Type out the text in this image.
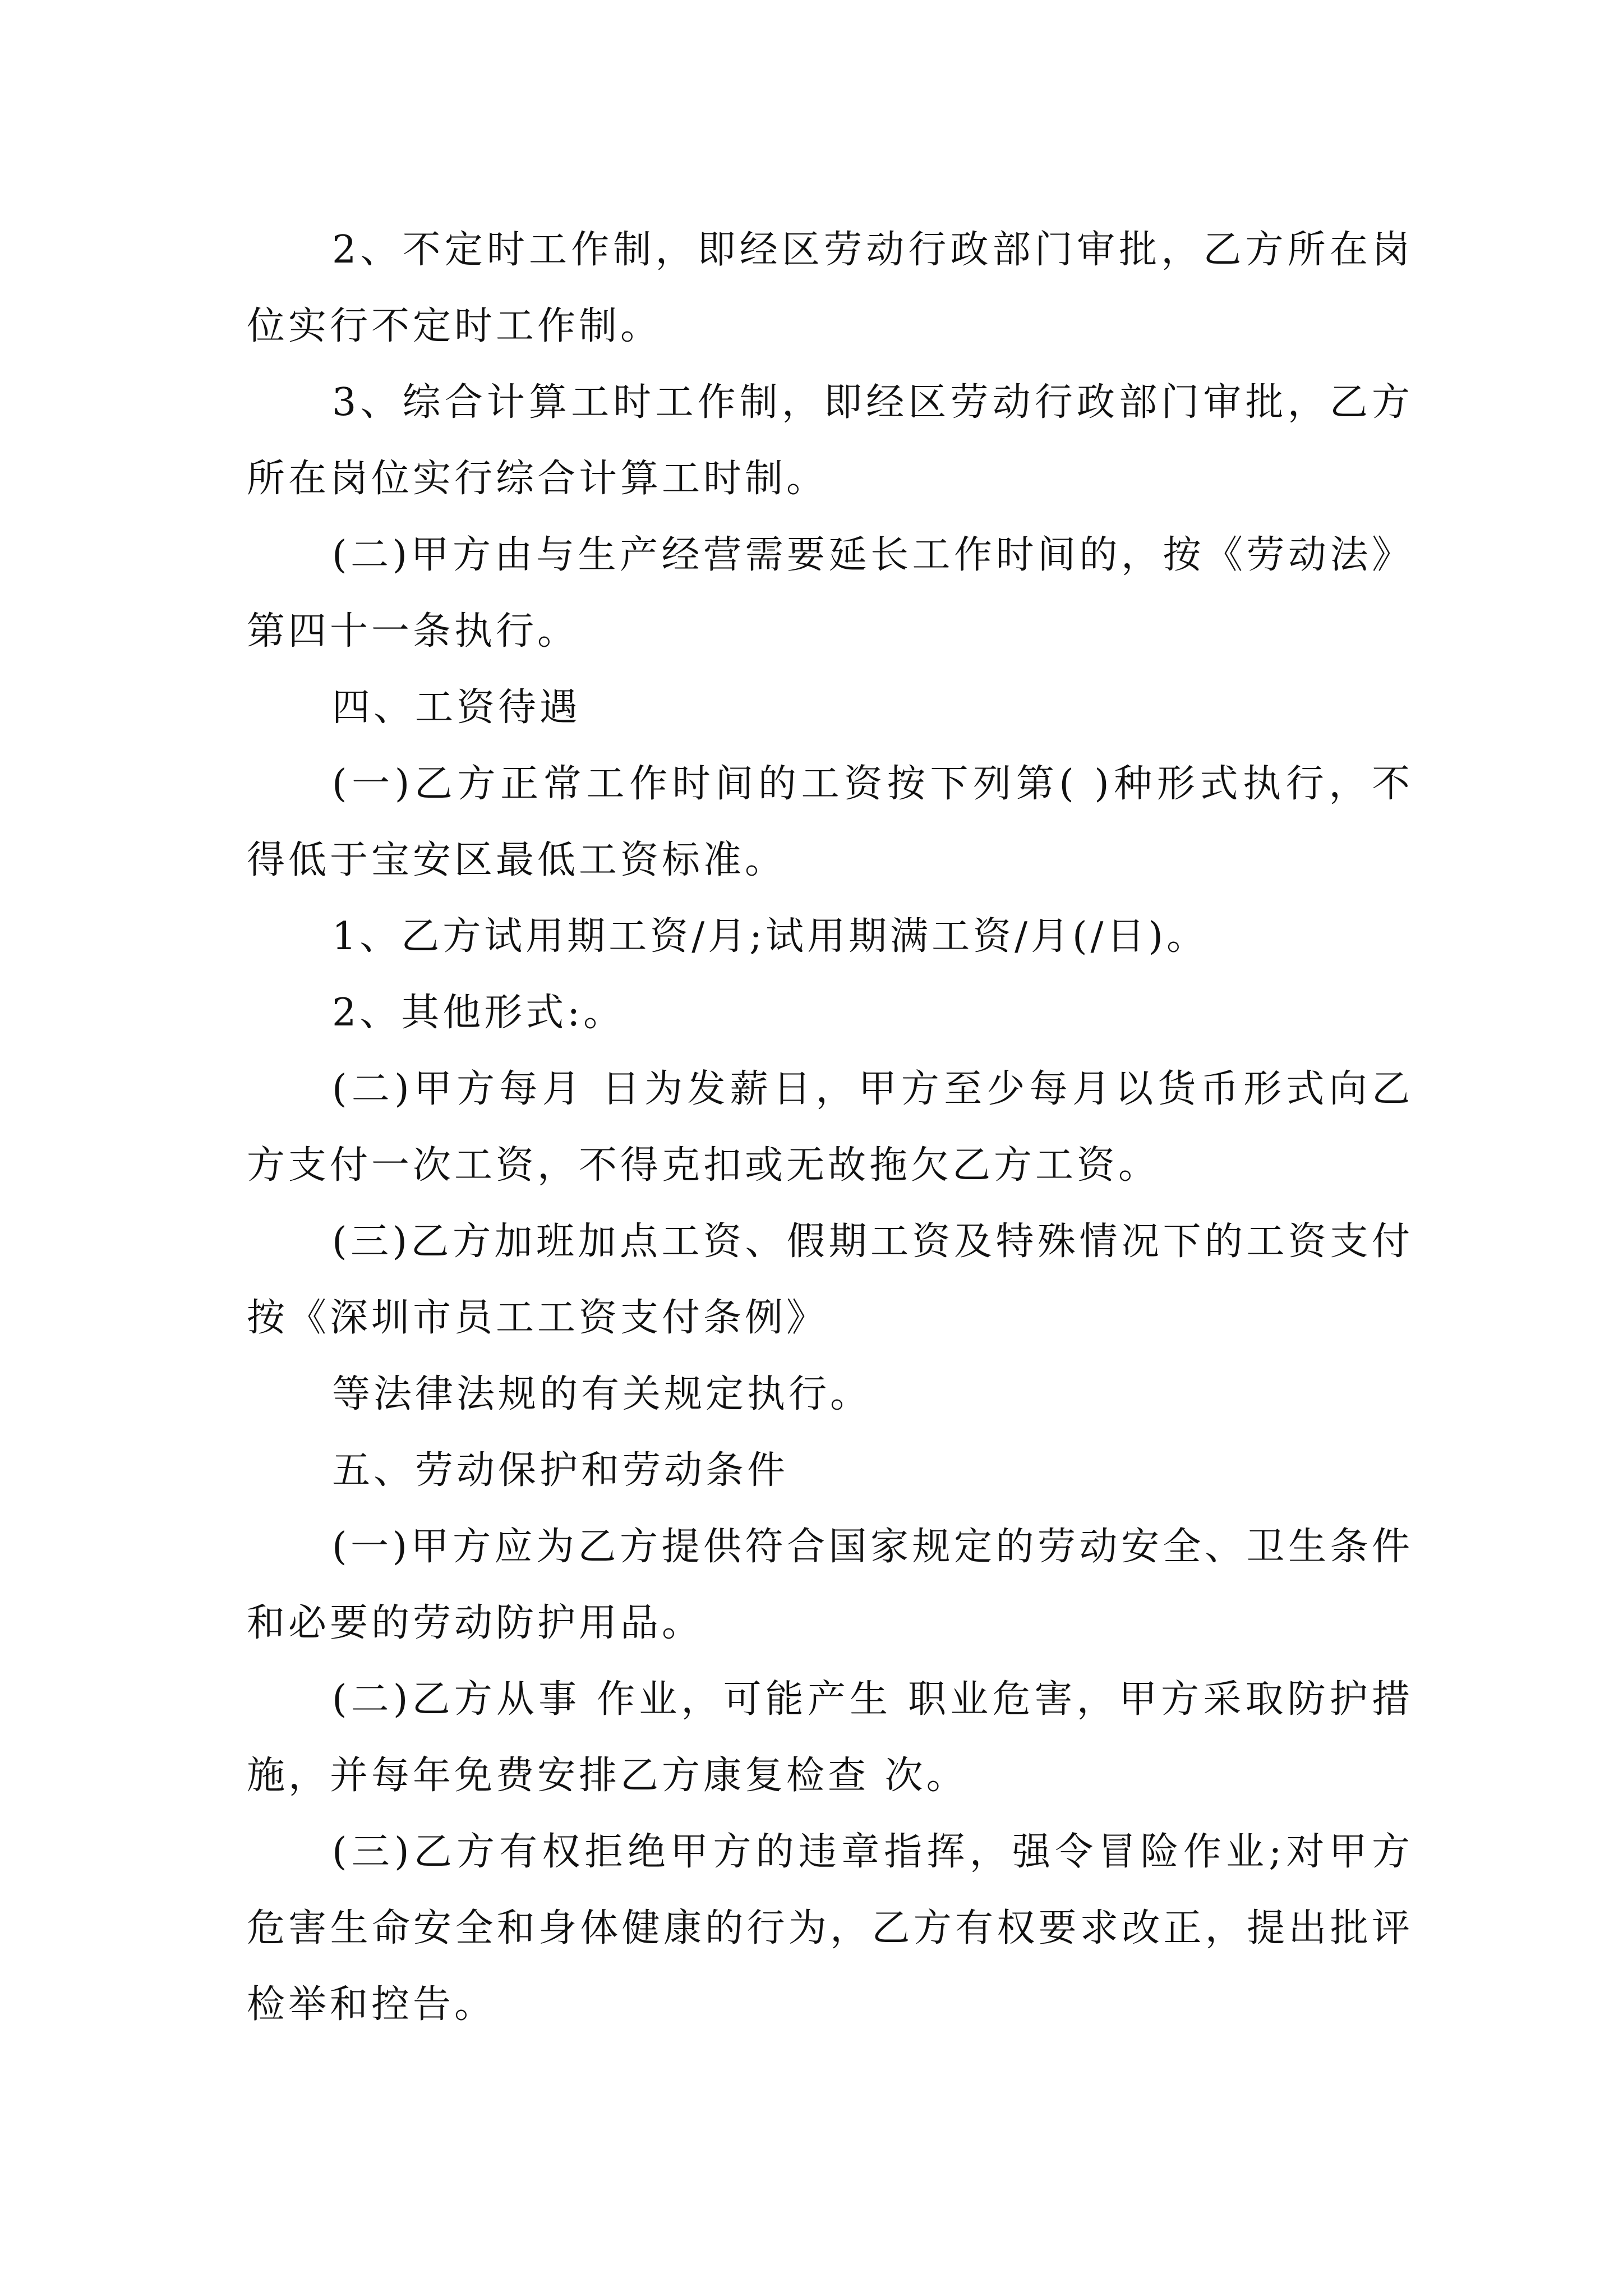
2、不定时工作制，即经区劳动行政部门审批，乙方所在岗位实行不定时工作制。

3、综合计算工时工作制，即经区劳动行政部门审批，乙方所在岗位实行综合计算工时制。

(二)甲方由与生产经营需要延长工作时间的，按《劳动法》第四十一条执行。

四、工资待遇

(一)乙方正常工作时间的工资按下列第( )种形式执行，不得低于宝安区最低工资标准。

1、乙方试用期工资/月;试用期满工资/月(/日)。

2、其他形式:。

(二)甲方每月 日为发薪日，甲方至少每月以货币形式向乙方支付一次工资，不得克扣或无故拖欠乙方工资。

(三)乙方加班加点工资、假期工资及特殊情况下的工资支付按《深圳市员工工资支付条例》

等法律法规的有关规定执行。

五、劳动保护和劳动条件

(一)甲方应为乙方提供符合国家规定的劳动安全、卫生条件和必要的劳动防护用品。

(二)乙方从事 作业，可能产生 职业危害，甲方采取防护措施，并每年免费安排乙方康复检查 次。

(三)乙方有权拒绝甲方的违章指挥，强令冒险作业;对甲方危害生命安全和身体健康的行为，乙方有权要求改正，提出批评检举和控告。
